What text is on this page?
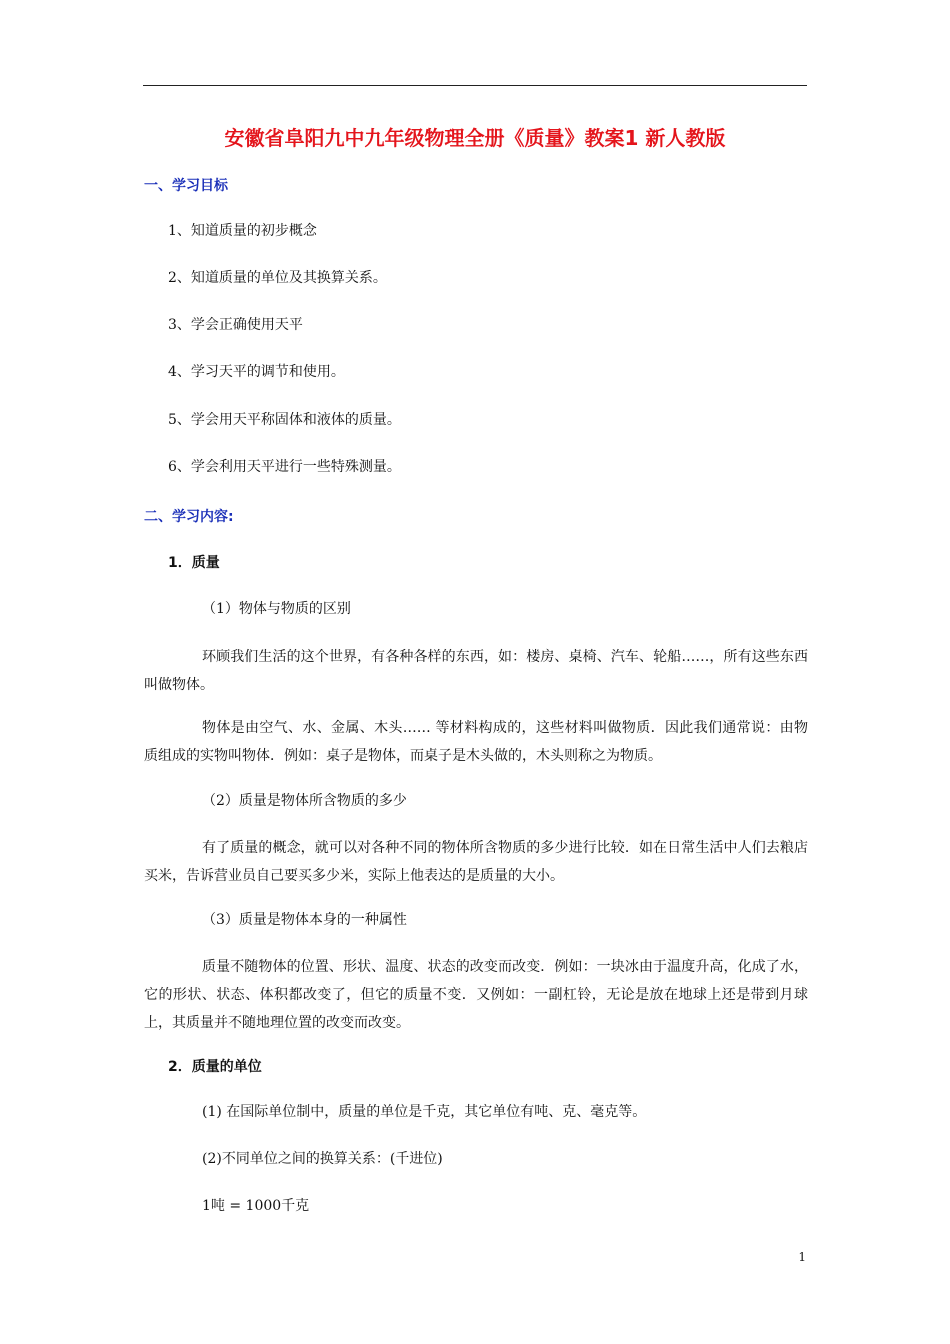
安徽省阜阳九中九年级物理全册《质量》教案1 新人教版
一、学习目标
1、知道质量的初步概念
2、知道质量的单位及其换算关系。
3、学会正确使用天平
4、学习天平的调节和使用。
5、学会用天平称固体和液体的质量。
6、学会利用天平进行一些特殊测量。
二、学习内容:
1．质量
（1）物体与物质的区别
环顾我们生活的这个世界，有各种各样的东西，如：楼房、桌椅、汽车、轮船……，所有这些东西叫做物体。
物体是由空气、水、金属、木头…… 等材料构成的，这些材料叫做物质．因此我们通常说：由物质组成的实物叫物体．例如：桌子是物体，而桌子是木头做的，木头则称之为物质。
（2）质量是物体所含物质的多少
有了质量的概念，就可以对各种不同的物体所含物质的多少进行比较．如在日常生活中人们去粮店买米，告诉营业员自己要买多少米，实际上他表达的是质量的大小。
（3）质量是物体本身的一种属性
质量不随物体的位置、形状、温度、状态的改变而改变．例如：一块冰由于温度升高，化成了水，它的形状、状态、体积都改变了，但它的质量不变．又例如：一副杠铃，无论是放在地球上还是带到月球上，其质量并不随地理位置的改变而改变。
2．质量的单位
(1) 在国际单位制中，质量的单位是千克，其它单位有吨、克、毫克等。
(2)不同单位之间的换算关系：(千进位)
1吨 = 1000千克
1
